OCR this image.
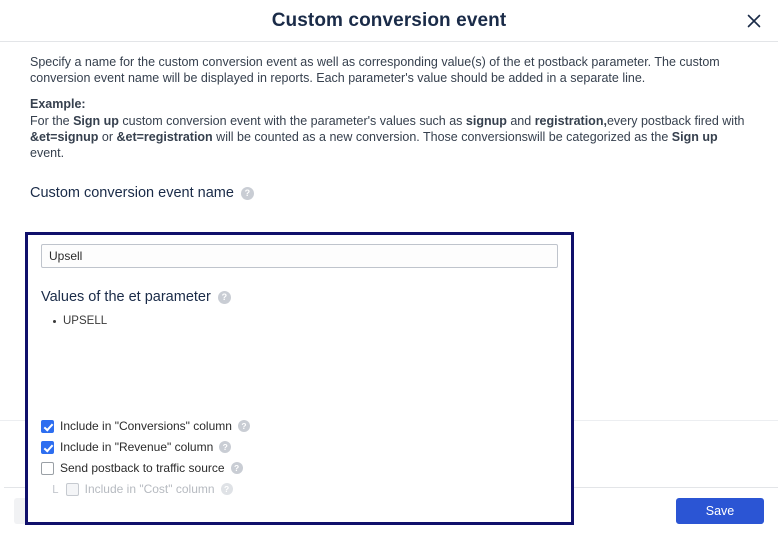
Custom conversion event

Specify a name for the custom conversion event as well as corresponding value(s) of the et postback parameter. The custom conversion event name will be displayed in reports. Each parameter's value should be added in a separate line.

Example:

For the Sign up custom conversion event with the parameter's values such as signup and registration,every postback fired with &et=signup or &et=registration will be counted as a new conversion. Those conversionswill be categorized as the Sign up event.

Custom conversion event name	?
Upsell
Values of the et parameter	?
UPSELL
Include in "Conversions" column	?
Include in "Revenue" column	?
Send postback to traffic source	?
L Include in "Cost" column	?
Save
